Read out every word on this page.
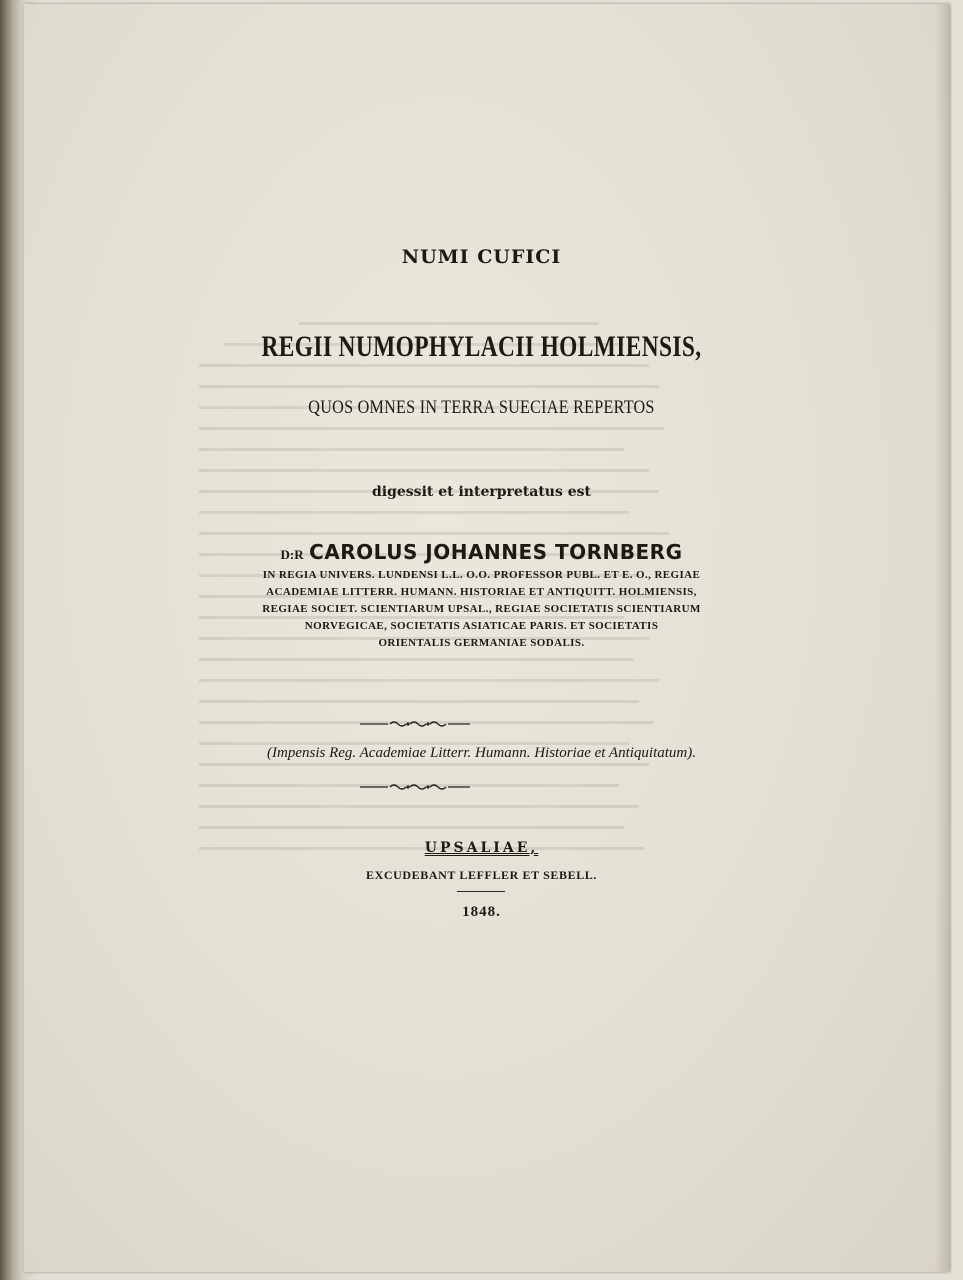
NUMI CUFICI
REGII NUMOPHYLACII HOLMIENSIS,
QUOS OMNES IN TERRA SUECIAE REPERTOS
digessit et interpretatus est
D:R CAROLUS JOHANNES TORNBERG
IN REGIA UNIVERS. LUNDENSI L.L. O.O. PROFESSOR PUBL. ET E. O., REGIAE
ACADEMIAE LITTERR. HUMANN. HISTORIAE ET ANTIQUITT. HOLMIENSIS,
REGIAE SOCIET. SCIENTIARUM UPSAL., REGIAE SOCIETATIS SCIENTIARUM
NORVEGICAE, SOCIETATIS ASIATICAE PARIS. ET SOCIETATIS
ORIENTALIS GERMANIAE SODALIS.
(Impensis Reg. Academiae Litterr. Humann. Historiae et Antiquitatum).
UPSALIAE,
EXCUDEBANT LEFFLER ET SEBELL.
1848.
